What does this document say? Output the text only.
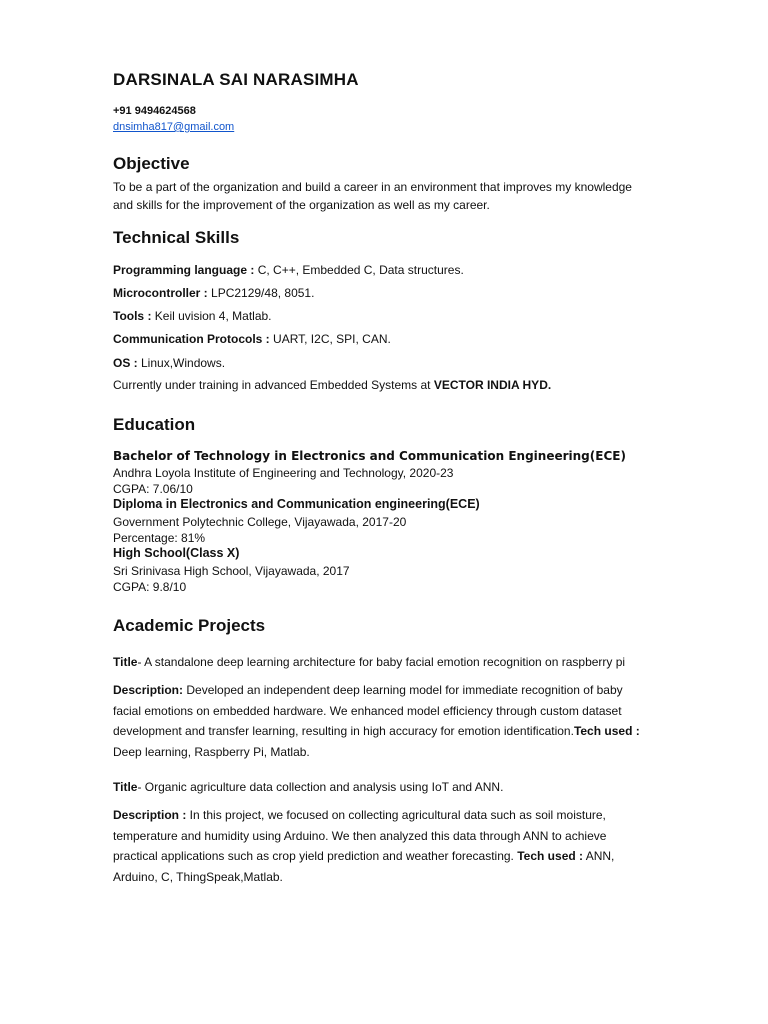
DARSINALA SAI NARASIMHA
+91 9494624568
dnsimha817@gmail.com
Objective
To be a part of the organization and build a career in an environment that improves my knowledge and skills for the improvement of the organization as well as my career.
Technical Skills
Programming language : C, C++, Embedded C, Data structures.
Microcontroller : LPC2129/48, 8051.
Tools : Keil uvision 4, Matlab.
Communication Protocols : UART, I2C, SPI, CAN.
OS : Linux,Windows.
Currently under training in advanced Embedded Systems at VECTOR INDIA HYD.
Education
Bachelor of Technology in Electronics and Communication Engineering(ECE)
Andhra Loyola Institute of Engineering and Technology, 2020-23
CGPA: 7.06/10
Diploma in Electronics and Communication engineering(ECE)
Government Polytechnic College, Vijayawada, 2017-20
Percentage: 81%
High School(Class X)
Sri Srinivasa High School, Vijayawada, 2017
CGPA: 9.8/10
Academic Projects
Title- A standalone deep learning architecture for baby facial emotion recognition on raspberry pi
Description: Developed an independent deep learning model for immediate recognition of baby facial emotions on embedded hardware. We enhanced model efficiency through custom dataset development and transfer learning, resulting in high accuracy for emotion identification.Tech used : Deep learning, Raspberry Pi, Matlab.
Title- Organic agriculture data collection and analysis using IoT and ANN.
Description : In this project, we focused on collecting agricultural data such as soil moisture, temperature and humidity using Arduino. We then analyzed this data through ANN to achieve practical applications such as crop yield prediction and weather forecasting. Tech used : ANN, Arduino, C, ThingSpeak,Matlab.
